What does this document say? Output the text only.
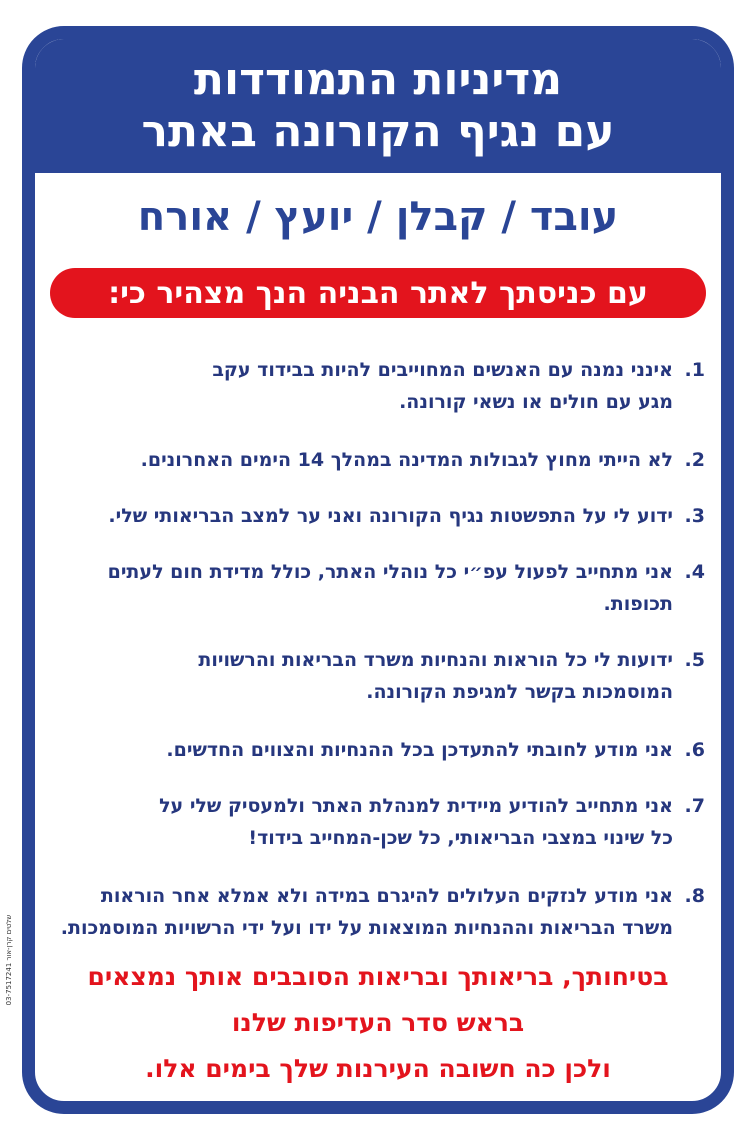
מדיניות התמודדות
עם נגיף הקורונה באתר
עובד / קבלן / יועץ / אורח
עם כניסתך לאתר הבניה הנך מצהיר כי:
1.
אינני נמנה עם האנשים המחוייבים להיות בבידוד עקב
מגע עם חולים או נשאי קורונה.
2.
לא הייתי מחוץ לגבולות המדינה במהלך 14 הימים האחרונים.
3.
ידוע לי על התפשטות נגיף הקורונה ואני ער למצב הבריאותי שלי.
4.
אני מתחייב לפעול עפ״י כל נוהלי האתר, כולל מדידת חום לעתים תכופות.
5.
ידועות לי כל הוראות והנחיות משרד הבריאות והרשויות
המוסמכות בקשר למגיפת הקורונה.
6.
אני מודע לחובתי להתעדכן בכל ההנחיות והצווים החדשים.
7.
אני מתחייב להודיע מיידית למנהלת האתר ולמעסיק שלי על
כל שינוי במצבי הבריאותי, כל שכן-המחייב בידוד!
8.
אני מודע לנזקים העלולים להיגרם במידה ולא אמלא אחר הוראות
משרד הבריאות וההנחיות המוצאות על ידו ועל ידי הרשויות המוסמכות.
בטיחותך, בריאותך ובריאות הסובבים אותך נמצאים
בראש סדר העדיפות שלנו
ולכן כה חשובה העירנות שלך בימים אלו.
שלטים קרן-אור 03-7517241
